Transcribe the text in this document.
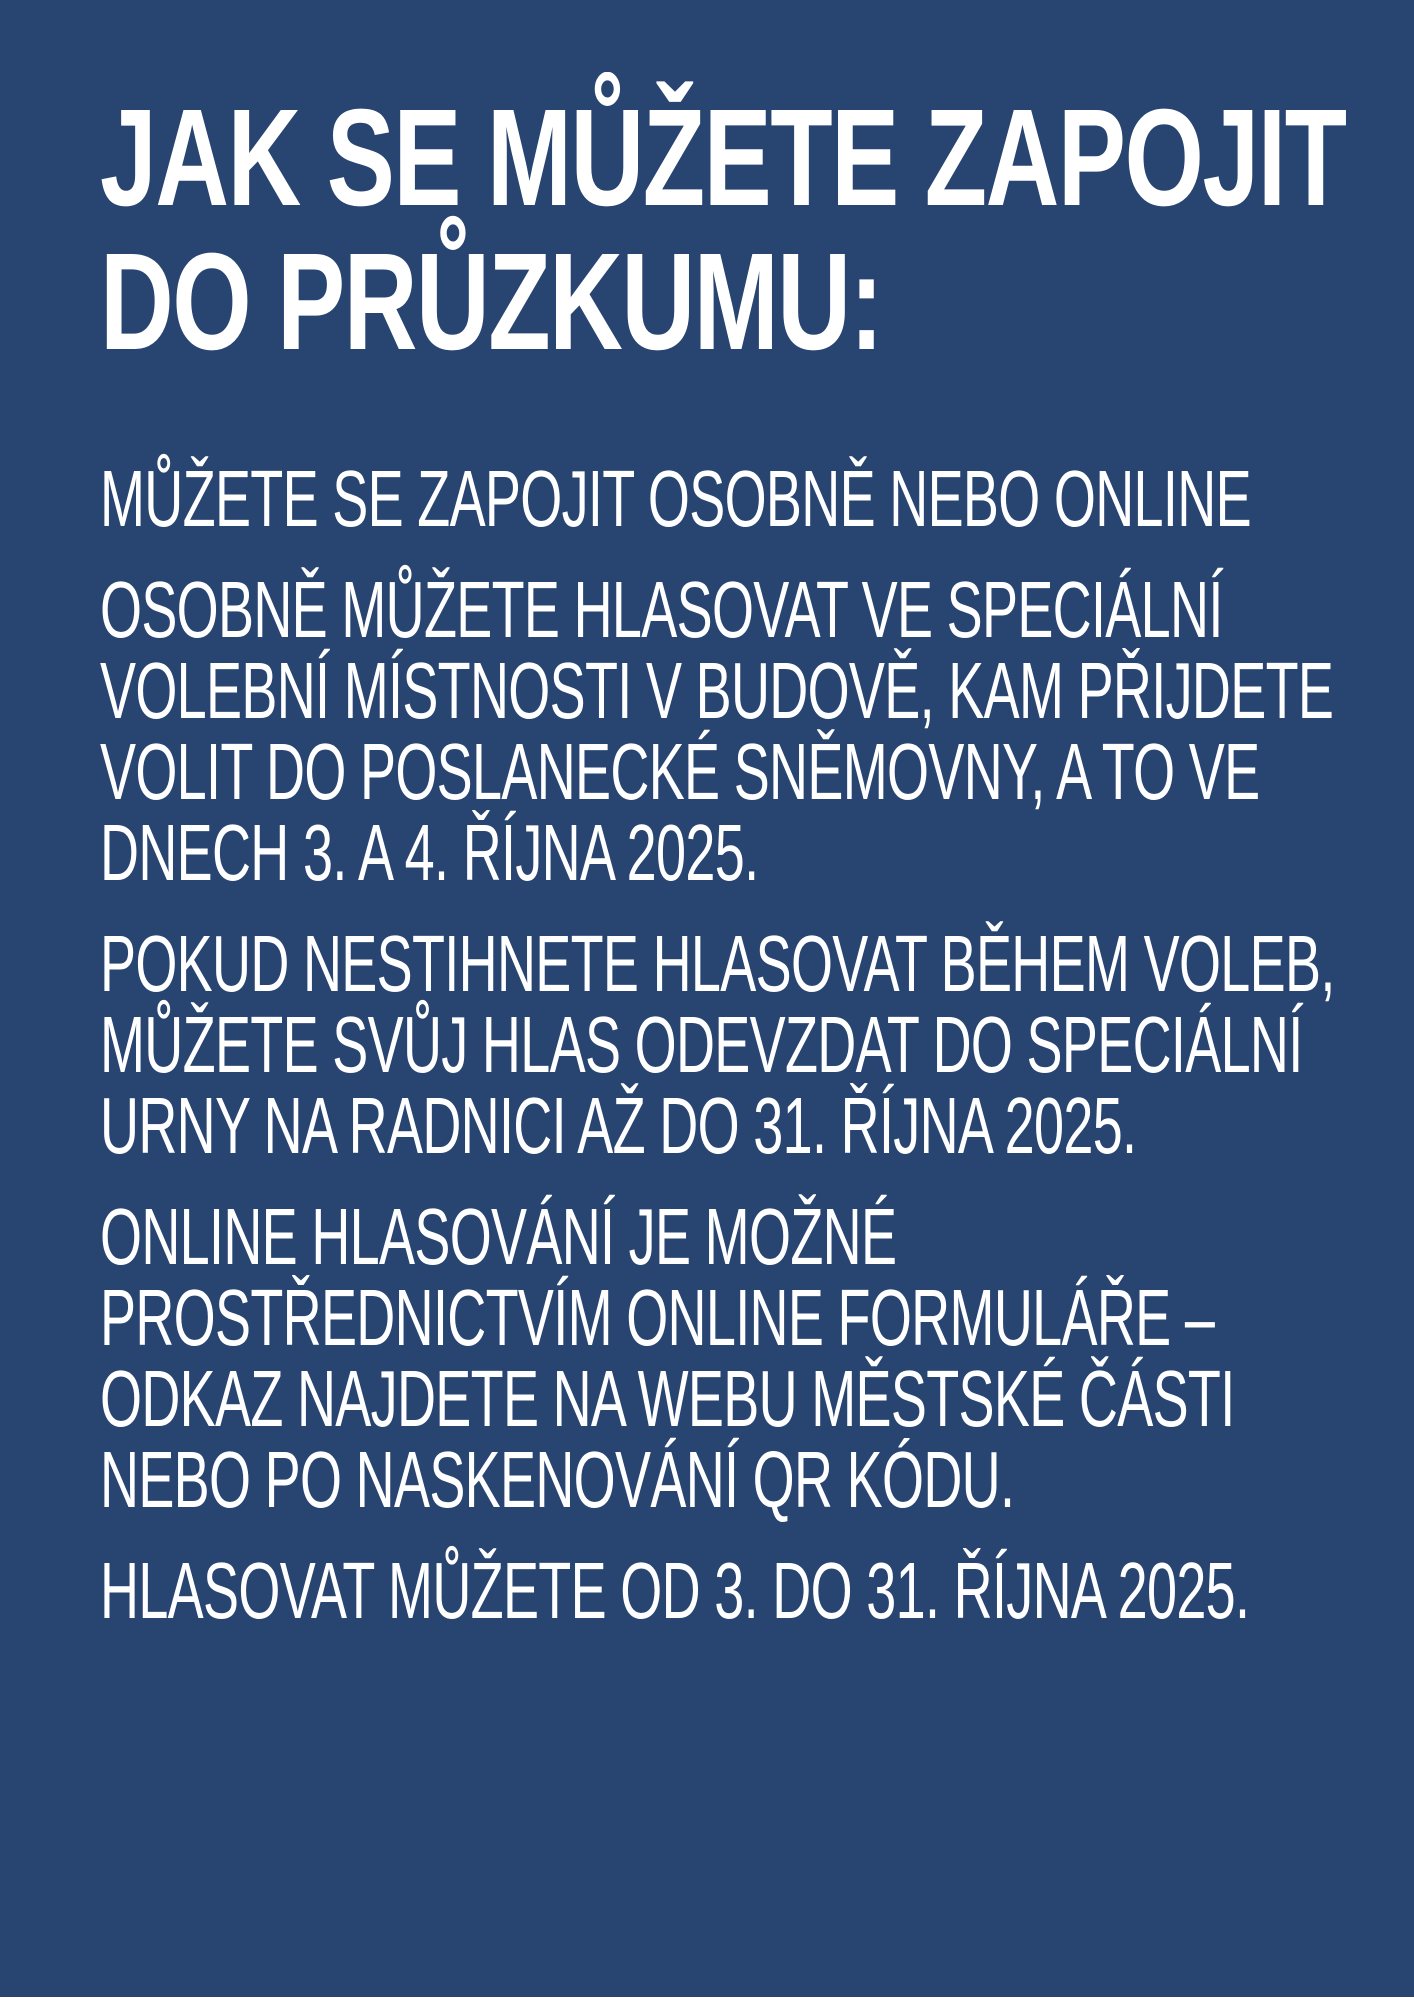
JAK SE MŮŽETE ZAPOJIT
DO PRŮZKUMU:

MŮŽETE SE ZAPOJIT OSOBNĚ NEBO ONLINE

OSOBNĚ MŮŽETE HLASOVAT VE SPECIÁLNÍ
VOLEBNÍ MÍSTNOSTI V BUDOVĚ, KAM PŘIJDETE
VOLIT DO POSLANECKÉ SNĚMOVNY, A TO VE
DNECH 3. A 4. ŘÍJNA 2025.

POKUD NESTIHNETE HLASOVAT BĚHEM VOLEB,
MŮŽETE SVŮJ HLAS ODEVZDAT DO SPECIÁLNÍ
URNY NA RADNICI AŽ DO 31. ŘÍJNA 2025.

ONLINE HLASOVÁNÍ JE MOŽNÉ
PROSTŘEDNICTVÍM ONLINE FORMULÁŘE –
ODKAZ NAJDETE NA WEBU MĚSTSKÉ ČÁSTI
NEBO PO NASKENOVÁNÍ QR KÓDU.

HLASOVAT MŮŽETE OD 3. DO 31. ŘÍJNA 2025.
